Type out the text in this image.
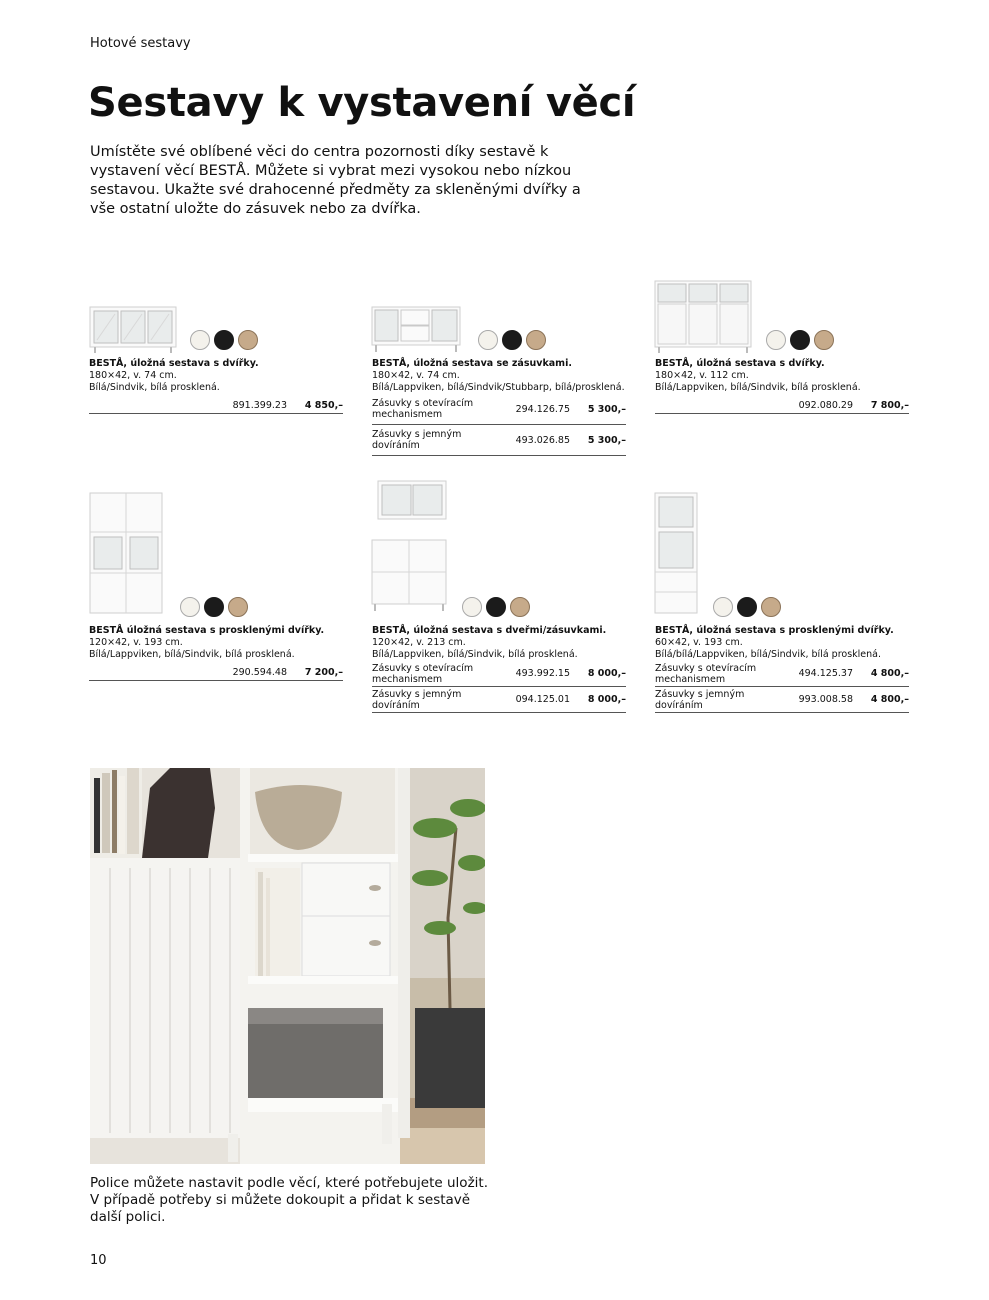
Hotové sestavy
Sestavy k vystavení věcí

Umístěte své oblíbené věci do centra pozornosti díky sestavě k vystavení věcí BESTÅ. Můžete si vybrat mezi vysokou nebo nízkou sestavou. Ukažte své drahocenné předměty za skleněnými dvířky a vše ostatní uložte do zásuvek nebo za dvířka.

BESTÅ, úložná sestava s dvířky.
180×42, v. 74 cm.
Bílá/Sindvik, bílá prosklená.
891.399.23	4 850,–
BESTÅ, úložná sestava se zásuvkami.
180×42, v. 74 cm.
Bílá/Lappviken, bílá/Sindvik/Stubbarp, bílá/prosklená.
Zásuvky s otevíracím mechanismem	294.126.75	5 300,–
Zásuvky s jemným dovíráním	493.026.85	5 300,–
BESTÅ, úložná sestava s dvířky.
180×42, v. 112 cm.
Bílá/Lappviken, bílá/Sindvik, bílá prosklená.
092.080.29	7 800,–
BESTÅ úložná sestava s prosklenými dvířky.
120×42, v. 193 cm.
Bílá/Lappviken, bílá/Sindvik, bílá prosklená.
290.594.48	7 200,–
BESTÅ, úložná sestava s dveřmi/zásuvkami.
120×42, v. 213 cm.
Bílá/Lappviken, bílá/Sindvik, bílá prosklená.
Zásuvky s otevíracím mechanismem	493.992.15	8 000,–
Zásuvky s jemným dovíráním	094.125.01	8 000,–
BESTÅ, úložná sestava s prosklenými dvířky.
60×42, v. 193 cm.
Bílá/bílá/Lappviken, bílá/Sindvik, bílá prosklená.
Zásuvky s otevíracím mechanismem	494.125.37	4 800,–
Zásuvky s jemným dovíráním	993.008.58	4 800,–

Police můžete nastavit podle věcí, které potřebujete uložit. V případě potřeby si můžete dokoupit a přidat k sestavě další polici.

10
